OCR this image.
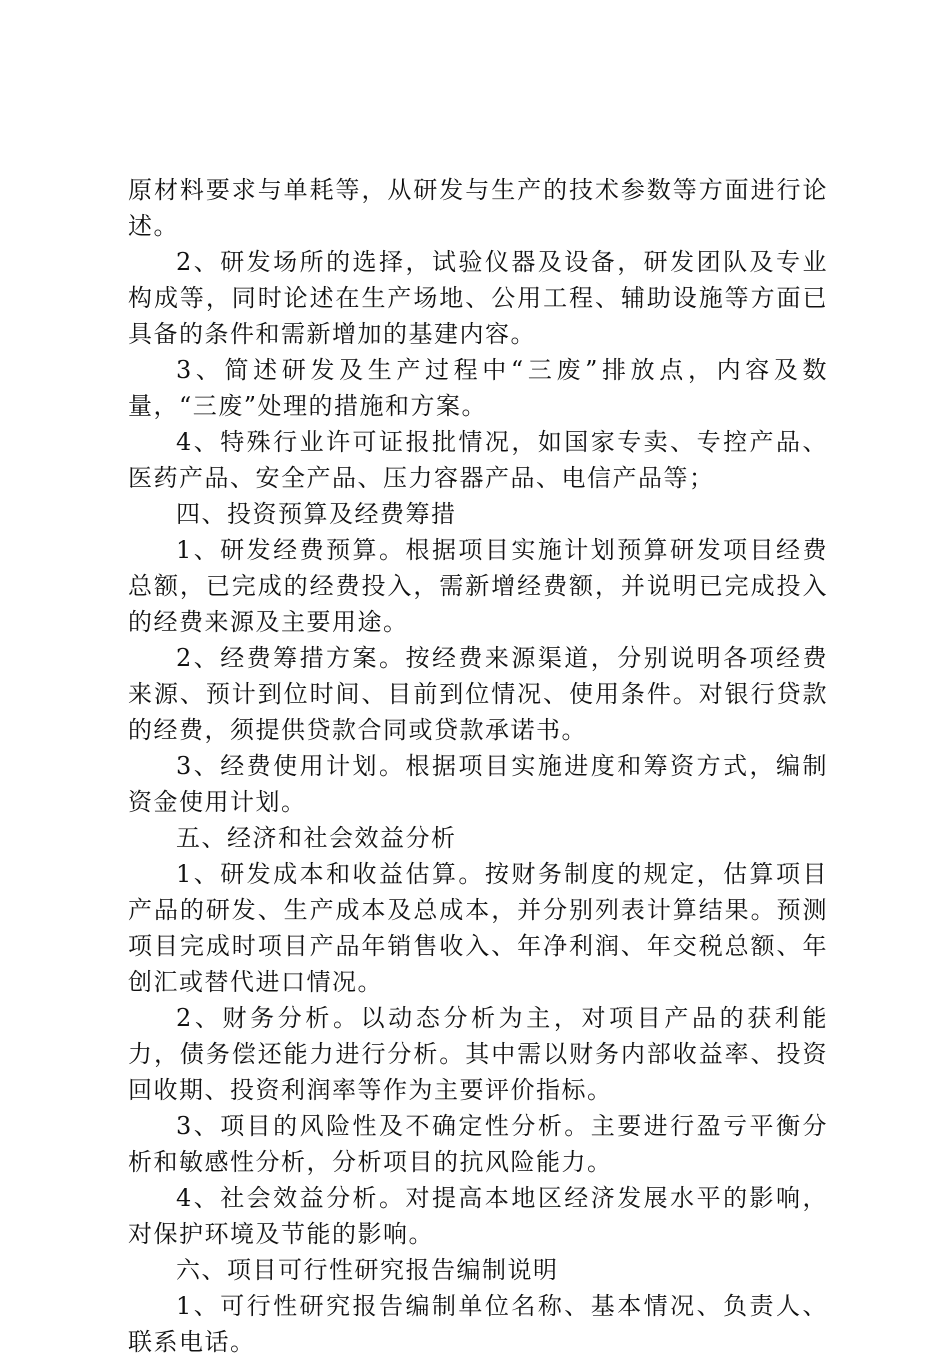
原材料要求与单耗等，从研发与生产的技术参数等方面进行论述。

2、研发场所的选择，试验仪器及设备，研发团队及专业构成等，同时论述在生产场地、公用工程、辅助设施等方面已具备的条件和需新增加的基建内容。

3、简述研发及生产过程中“三废”排放点，内容及数量，“三废”处理的措施和方案。

4、特殊行业许可证报批情况，如国家专卖、专控产品、医药产品、安全产品、压力容器产品、电信产品等；

四、投资预算及经费筹措

1、研发经费预算。根据项目实施计划预算研发项目经费总额，已完成的经费投入，需新增经费额，并说明已完成投入的经费来源及主要用途。

2、经费筹措方案。按经费来源渠道，分别说明各项经费来源、预计到位时间、目前到位情况、使用条件。对银行贷款的经费，须提供贷款合同或贷款承诺书。

3、经费使用计划。根据项目实施进度和筹资方式，编制资金使用计划。

五、经济和社会效益分析

1、研发成本和收益估算。按财务制度的规定，估算项目产品的研发、生产成本及总成本，并分别列表计算结果。预测项目完成时项目产品年销售收入、年净利润、年交税总额、年创汇或替代进口情况。

2、财务分析。以动态分析为主，对项目产品的获利能力，债务偿还能力进行分析。其中需以财务内部收益率、投资回收期、投资利润率等作为主要评价指标。

3、项目的风险性及不确定性分析。主要进行盈亏平衡分析和敏感性分析，分析项目的抗风险能力。

4、社会效益分析。对提高本地区经济发展水平的影响，对保护环境及节能的影响。

六、项目可行性研究报告编制说明

1、可行性研究报告编制单位名称、基本情况、负责人、联系电话。
